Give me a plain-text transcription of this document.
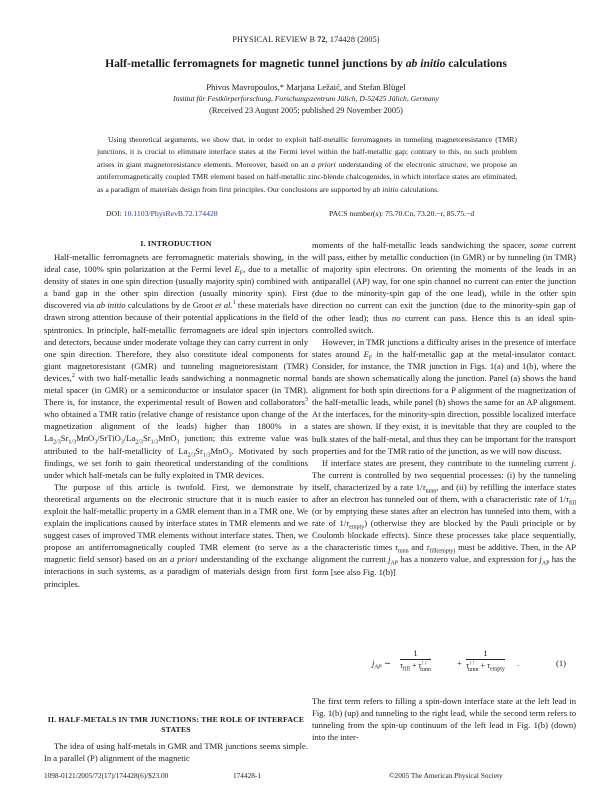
PHYSICAL REVIEW B 72, 174428 (2005)
Half-metallic ferromagnets for magnetic tunnel junctions by ab initio calculations
Phivos Mavropoulos,* Marjana Ležaić, and Stefan Blügel
Institut für Festkörperforschung, Forschungszentrum Jülich, D-52425 Jülich, Germany
(Received 23 August 2005; published 29 November 2005)
Using theoretical arguments, we show that, in order to exploit half-metallic ferromagnets in tunneling magnetoresistance (TMR) junctions, it is crucial to eliminate interface states at the Fermi level within the half-metallic gap; contrary to this, no such problem arises in giant magnetoresistance elements. Moreover, based on an a priori understanding of the electronic structure, we propose an antiferromagnetically coupled TMR element based on half-metallic zinc-blende chalcogenides, in which interface states are eliminated, as a paradigm of materials design from first principles. Our conclusions are supported by ab initio calculations.
DOI: 10.1103/PhysRevB.72.174428	PACS number(s): 75.70.Cn, 73.20.−r, 85.75.−d
I. INTRODUCTION

Half-metallic ferromagnets are ferromagnetic materials showing, in the ideal case, 100% spin polarization at the Fermi level $E_F$, due to a metallic density of states in one spin direction (usually majority spin) combined with a band gap in the other spin direction (usually minority spin). First discovered via ab initio calculations by de Groot et al.$^1$ these materials have drawn strong attention because of their potential applications in the field of spintronics. In principle, half-metallic ferromagnets are ideal spin injectors and detectors, because under moderate voltage they can carry current in only one spin direction. Therefore, they also constitute ideal components for giant magnetoresistant (GMR) and tunneling magnetoresistant (TMR) devices,$^2$ with two half-metallic leads sandwiching a nonmagnetic normal metal spacer (in GMR) or a semiconductor or insulator spacer (in TMR). There is, for instance, the experimental result of Bowen and collaborators$^3$ who obtained a TMR ratio (relative change of resistance upon change of the magnetization alignment of the leads) higher than 1800% in a $La_{2/3}Sr_{1/3}MnO_3/SrTiO_3/La_{2/3}Sr_{1/3}MnO_3$ junction; this extreme value was attributed to the half-metallicity of $La_{2/3}Sr_{1/3}MnO_3$. Motivated by such findings, we set forth to gain theoretical understanding of the conditions under which half-metals can be fully exploited in TMR devices.

The purpose of this article is twofold. First, we demonstrate by theoretical arguments on the electronic structure that it is much easier to exploit the half-metallic property in a GMR element than in a TMR one. We explain the implications caused by interface states in TMR elements and we suggest cases of improved TMR elements without interface states. Then, we propose an antiferromagnetically coupled TMR element (to serve as a magnetic field sensor) based on an a priori understanding of the exchange interactions in such systems, as a paradigm of materials design from first principles.

II. HALF-METALS IN TMR JUNCTIONS: THE ROLE OF INTERFACE STATES

The idea of using half-metals in GMR and TMR junctions seems simple. In a parallel (P) alignment of the magnetic

moments of the half-metallic leads sandwiching the spacer, some current will pass, either by metallic conduction (in GMR) or by tunneling (in TMR) of majority spin electrons. On orienting the moments of the leads in an antiparallel (AP) way, for one spin channel no current can enter the junction (due to the minority-spin gap of the one lead), while in the other spin direction no current can exit the junction (due to the minority-spin gap of the other lead); thus no current can pass. Hence this is an ideal spin-controlled switch.

However, in TMR junctions a difficulty arises in the presence of interface states around $E_F$ in the half-metallic gap at the metal-insulator contact. Consider, for instance, the TMR junction in Figs. 1(a) and 1(b), where the bands are shown schematically along the junction. Panel (a) shows the band alignment for both spin directions for a P alignment of the magnetization of the half-metallic leads, while panel (b) shows the same for an AP alignment. At the interfaces, for the minority-spin direction, possible localized interface states are shown. If they exist, it is inevitable that they are coupled to the bulk states of the half-metal, and thus they can be important for the transport properties and for the TMR ratio of the junction, as we will now discuss.

If interface states are present, they contribute to the tunneling current j. The current is controlled by two sequential processes: (i) by the tunneling itself, characterized by a rate $1/\tau_{tunn}$, and (ii) by refilling the interface states after an electron has tunneled out of them, with a characteristic rate of $1/\tau_{fill}$ (or by emptying these states after an electron has tunneled into them, with a rate of $1/\tau_{empty}$) (otherwise they are blocked by the Pauli principle or by Coulomb blockade effects). Since these processes take place sequentially, the characteristic times $\tau_{tunn}$ and $\tau_{fill(empty)}$ must be additive. Then, in the AP alignment the current $j_{AP}$ has a nonzero value, and expression for $j_{AP}$ has the form [see also Fig. 1(b)]

$j_{AP}$ ∼
1
$\tau_{fill} + \tau^{↑↓}_{tunn}$
+
1
$\tau^{↓↑}_{tunn} + \tau_{empty}$
.	(1)

The first term refers to filling a spin-down interface state at the left lead in Fig. 1(b) (up) and tunneling to the right lead, while the second term refers to tunneling from the spin-up continuum of the left lead in Fig. 1(b) (down) into the inter-

1098-0121/2005/72(17)/174428(6)/$23.00	174428-1	©2005 The American Physical Society
